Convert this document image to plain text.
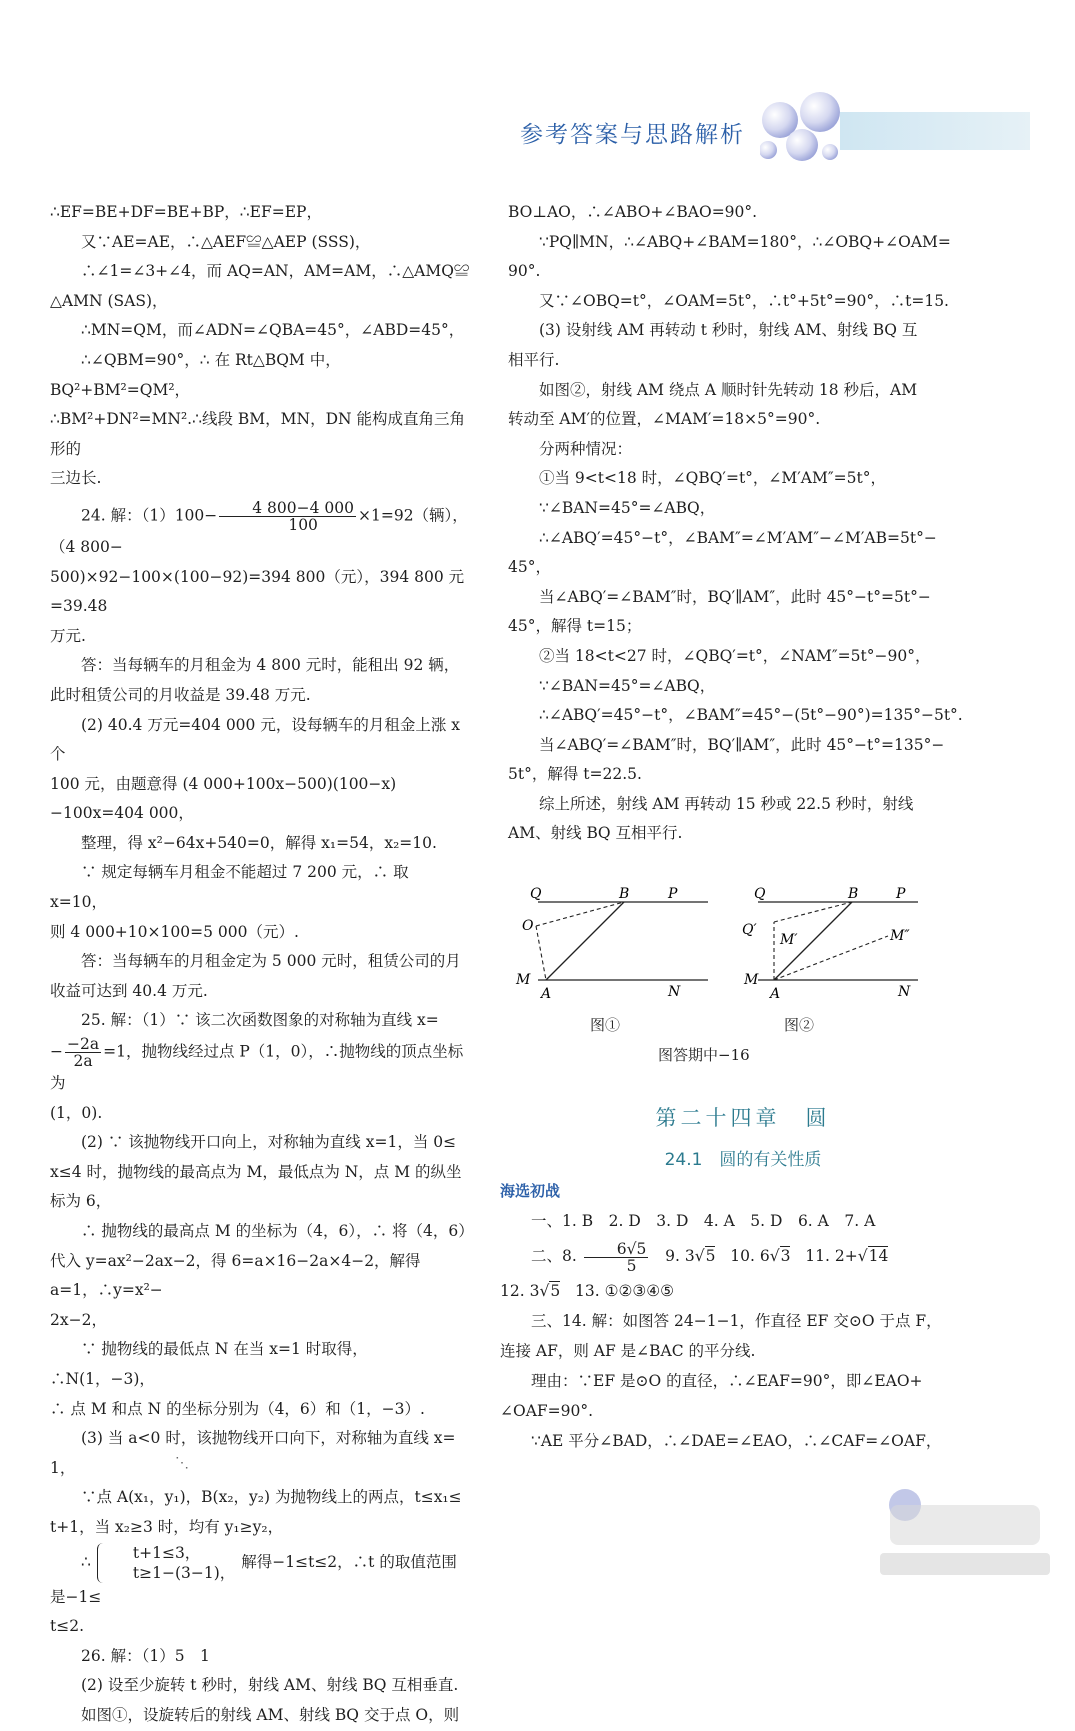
参考答案与思路解析

∴EF=BE+DF=BE+BP，∴EF=EP，

又∵AE=AE，∴△AEF≌△AEP (SSS)，

∴∠1=∠3+∠4，而 AQ=AN，AM=AM，∴△AMQ≌

△AMN (SAS)，

∴MN=QM，而∠ADN=∠QBA=45°，∠ABD=45°，

∴∠QBM=90°，∴ 在 Rt△BQM 中，BQ²+BM²=QM²，

∴BM²+DN²=MN².∴线段 BM，MN，DN 能构成直角三角形的

三边长.

24. 解：$(1)100- \frac{4 800-4 000}{100} \times 1=92$（辆），（4 800−

500)×92−100×(100−92)=394 800（元），394 800 元=39.48

万元.

答：当每辆车的月租金为 4 800 元时，能租出 92 辆，

此时租赁公司的月收益是 39.48 万元.

(2) 40.4 万元=404 000 元，设每辆车的月租金上涨 x 个

100 元，由题意得 (4 000+100x−500)(100−x)−100x=404 000，

整理，得 x²−64x+540=0，解得 x₁=54，x₂=10.

∵ 规定每辆车月租金不能超过 7 200 元，∴ 取 x=10，

则 4 000+10×100=5 000（元）.

答：当每辆车的月租金定为 5 000 元时，租赁公司的月

收益可达到 40.4 万元.

25. 解：（1）∵ 该二次函数图象的对称轴为直线 x=

− $\frac{-2a}{2a} =1$，抛物线经过点 P（1，0），∴抛物线的顶点坐标为

(1，0).

(2) ∵ 该抛物线开口向上，对称轴为直线 x=1，当 0≤

x≤4 时，抛物线的最高点为 M，最低点为 N，点 M 的纵坐

标为 6，

∴ 抛物线的最高点 M 的坐标为（4，6），∴ 将（4，6）

代入 y=ax²−2ax−2，得 6=a×16−2a×4−2，解得 a=1，∴y=x²−

2x−2，

∵ 抛物线的最低点 N 在当 x=1 时取得，∴N(1，−3)，

∴ 点 M 和点 N 的坐标分别为（4，6）和（1，−3）.

(3) 当 a<0 时，该抛物线开口向下，对称轴为直线 x=

1，

∵点 A(x₁，y₁)，B(x₂，y₂) 为抛物线上的两点，t≤x₁≤

t+1，当 x₂≥3 时，均有 y₁≥y₂，

∴	t+1≤3，
t≥1−(3−1)，
解得−1≤t≤2，∴t 的取值范围是−1≤

t≤2.

26. 解：（1）5　1

(2) 设至少旋转 t 秒时，射线 AM、射线 BQ 互相垂直.

如图①，设旋转后的射线 AM、射线 BQ 交于点 O，则

BO⊥AO，∴∠ABO+∠BAO=90°.

∵PQ∥MN，∴∠ABQ+∠BAM=180°，∴∠OBQ+∠OAM=

90°.

又∵∠OBQ=t°，∠OAM=5t°，∴t°+5t°=90°，∴t=15.

(3) 设射线 AM 再转动 t 秒时，射线 AM、射线 BQ 互

相平行.

如图②，射线 AM 绕点 A 顺时针先转动 18 秒后，AM

转动至 AM′的位置，∠MAM′=18×5°=90°.

分两种情况：

①当 9<t<18 时，∠QBQ′=t°，∠M′AM″=5t°，

∵∠BAN=45°=∠ABQ，

∴∠ABQ′=45°−t°，∠BAM″=∠M′AM″−∠M′AB=5t°−

45°，

当∠ABQ′=∠BAM″时，BQ′∥AM″，此时 45°−t°=5t°−

45°，解得 t=15；

②当 18<t<27 时，∠QBQ′=t°，∠NAM″=5t°−90°，

∵∠BAN=45°=∠ABQ，

∴∠ABQ′=45°−t°，∠BAM″=45°−(5t°−90°)=135°−5t°.

当∠ABQ′=∠BAM″时，BQ′∥AM″，此时 45°−t°=135°−

5t°，解得 t=22.5.

综上所述，射线 AM 再转动 15 秒或 22.5 秒时，射线

AM、射线 BQ 互相平行.

Q	B	P
O
M
A	N
Q	B	P
Q′
M′	M″
M
A	N
图①	图②
图答期中−16
第二十四章　圆
24.1　圆的有关性质

海选初战

一、1. B　2. D　3. D　4. A　5. D　6. A　7. A

二、8. $\frac{6√5}{5} 9$. 3√5 10. 6√3 11. 2+√14

12. 3√5 13. ①②③④⑤

三、14. 解：如图答 24−1−1，作直径 EF 交⊙O 于点 F，

连接 AF，则 AF 是∠BAC 的平分线.

理由：∵EF 是⊙O 的直径，∴∠EAF=90°，即∠EAO+

∠OAF=90°.

∵AE 平分∠BAD，∴∠DAE=∠EAO，∴∠CAF=∠OAF，

⋱
